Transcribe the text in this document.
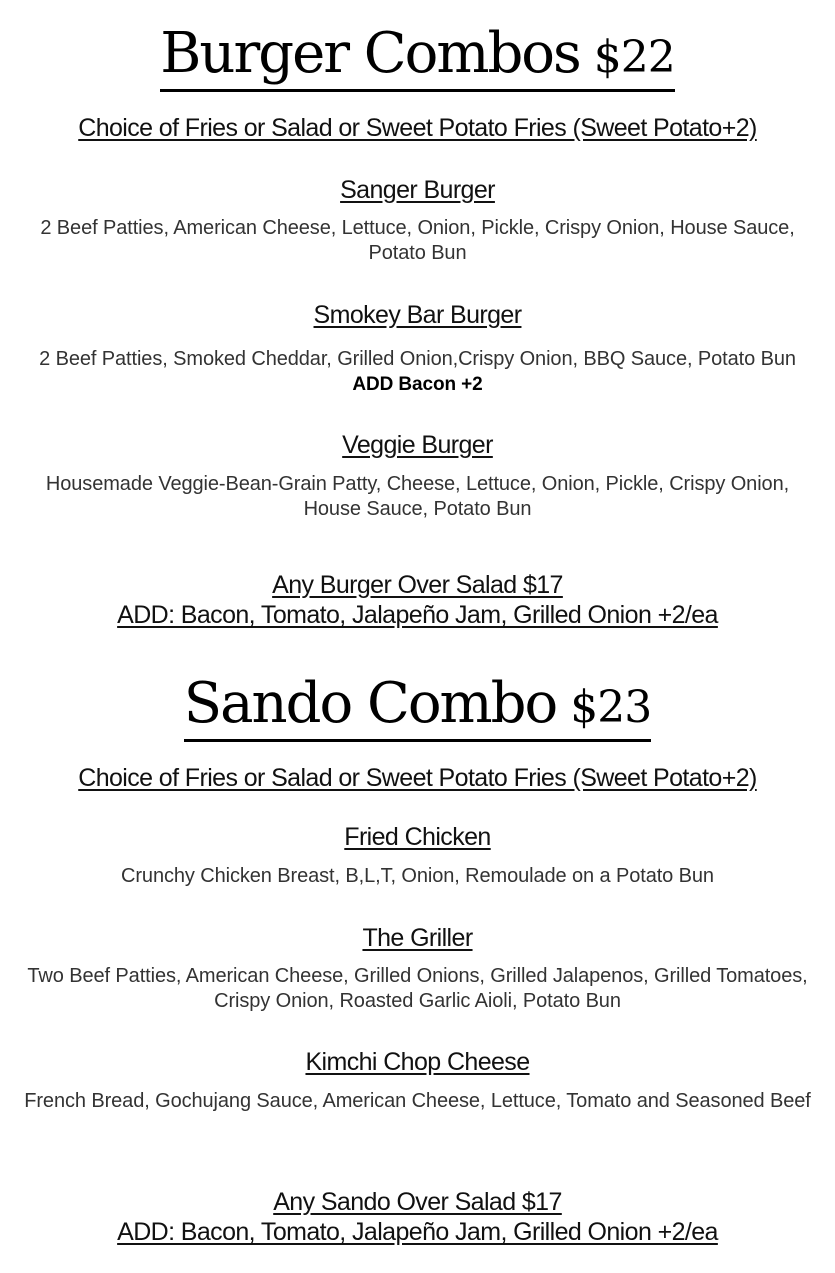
Burger Combos $22
Choice of Fries or Salad or Sweet Potato Fries (Sweet Potato+2)
Sanger Burger
2 Beef Patties, American Cheese, Lettuce, Onion, Pickle, Crispy Onion, House Sauce, Potato Bun
Smokey Bar Burger
2 Beef Patties, Smoked Cheddar, Grilled Onion,Crispy Onion, BBQ Sauce, Potato Bun ADD Bacon +2
Veggie Burger
Housemade Veggie-Bean-Grain Patty, Cheese, Lettuce, Onion, Pickle, Crispy Onion, House Sauce, Potato Bun
Any Burger Over Salad $17
ADD: Bacon, Tomato, Jalapeño Jam, Grilled Onion +2/ea
Sando Combo $23
Choice of Fries or Salad or Sweet Potato Fries (Sweet Potato+2)
Fried Chicken
Crunchy Chicken Breast, B,L,T, Onion, Remoulade on a Potato Bun
The Griller
Two Beef Patties, American Cheese, Grilled Onions, Grilled Jalapenos, Grilled Tomatoes, Crispy Onion, Roasted Garlic Aioli, Potato Bun
Kimchi Chop Cheese
French Bread, Gochujang Sauce, American Cheese, Lettuce, Tomato and Seasoned Beef
Any Sando Over Salad $17
ADD: Bacon, Tomato, Jalapeño Jam, Grilled Onion +2/ea
